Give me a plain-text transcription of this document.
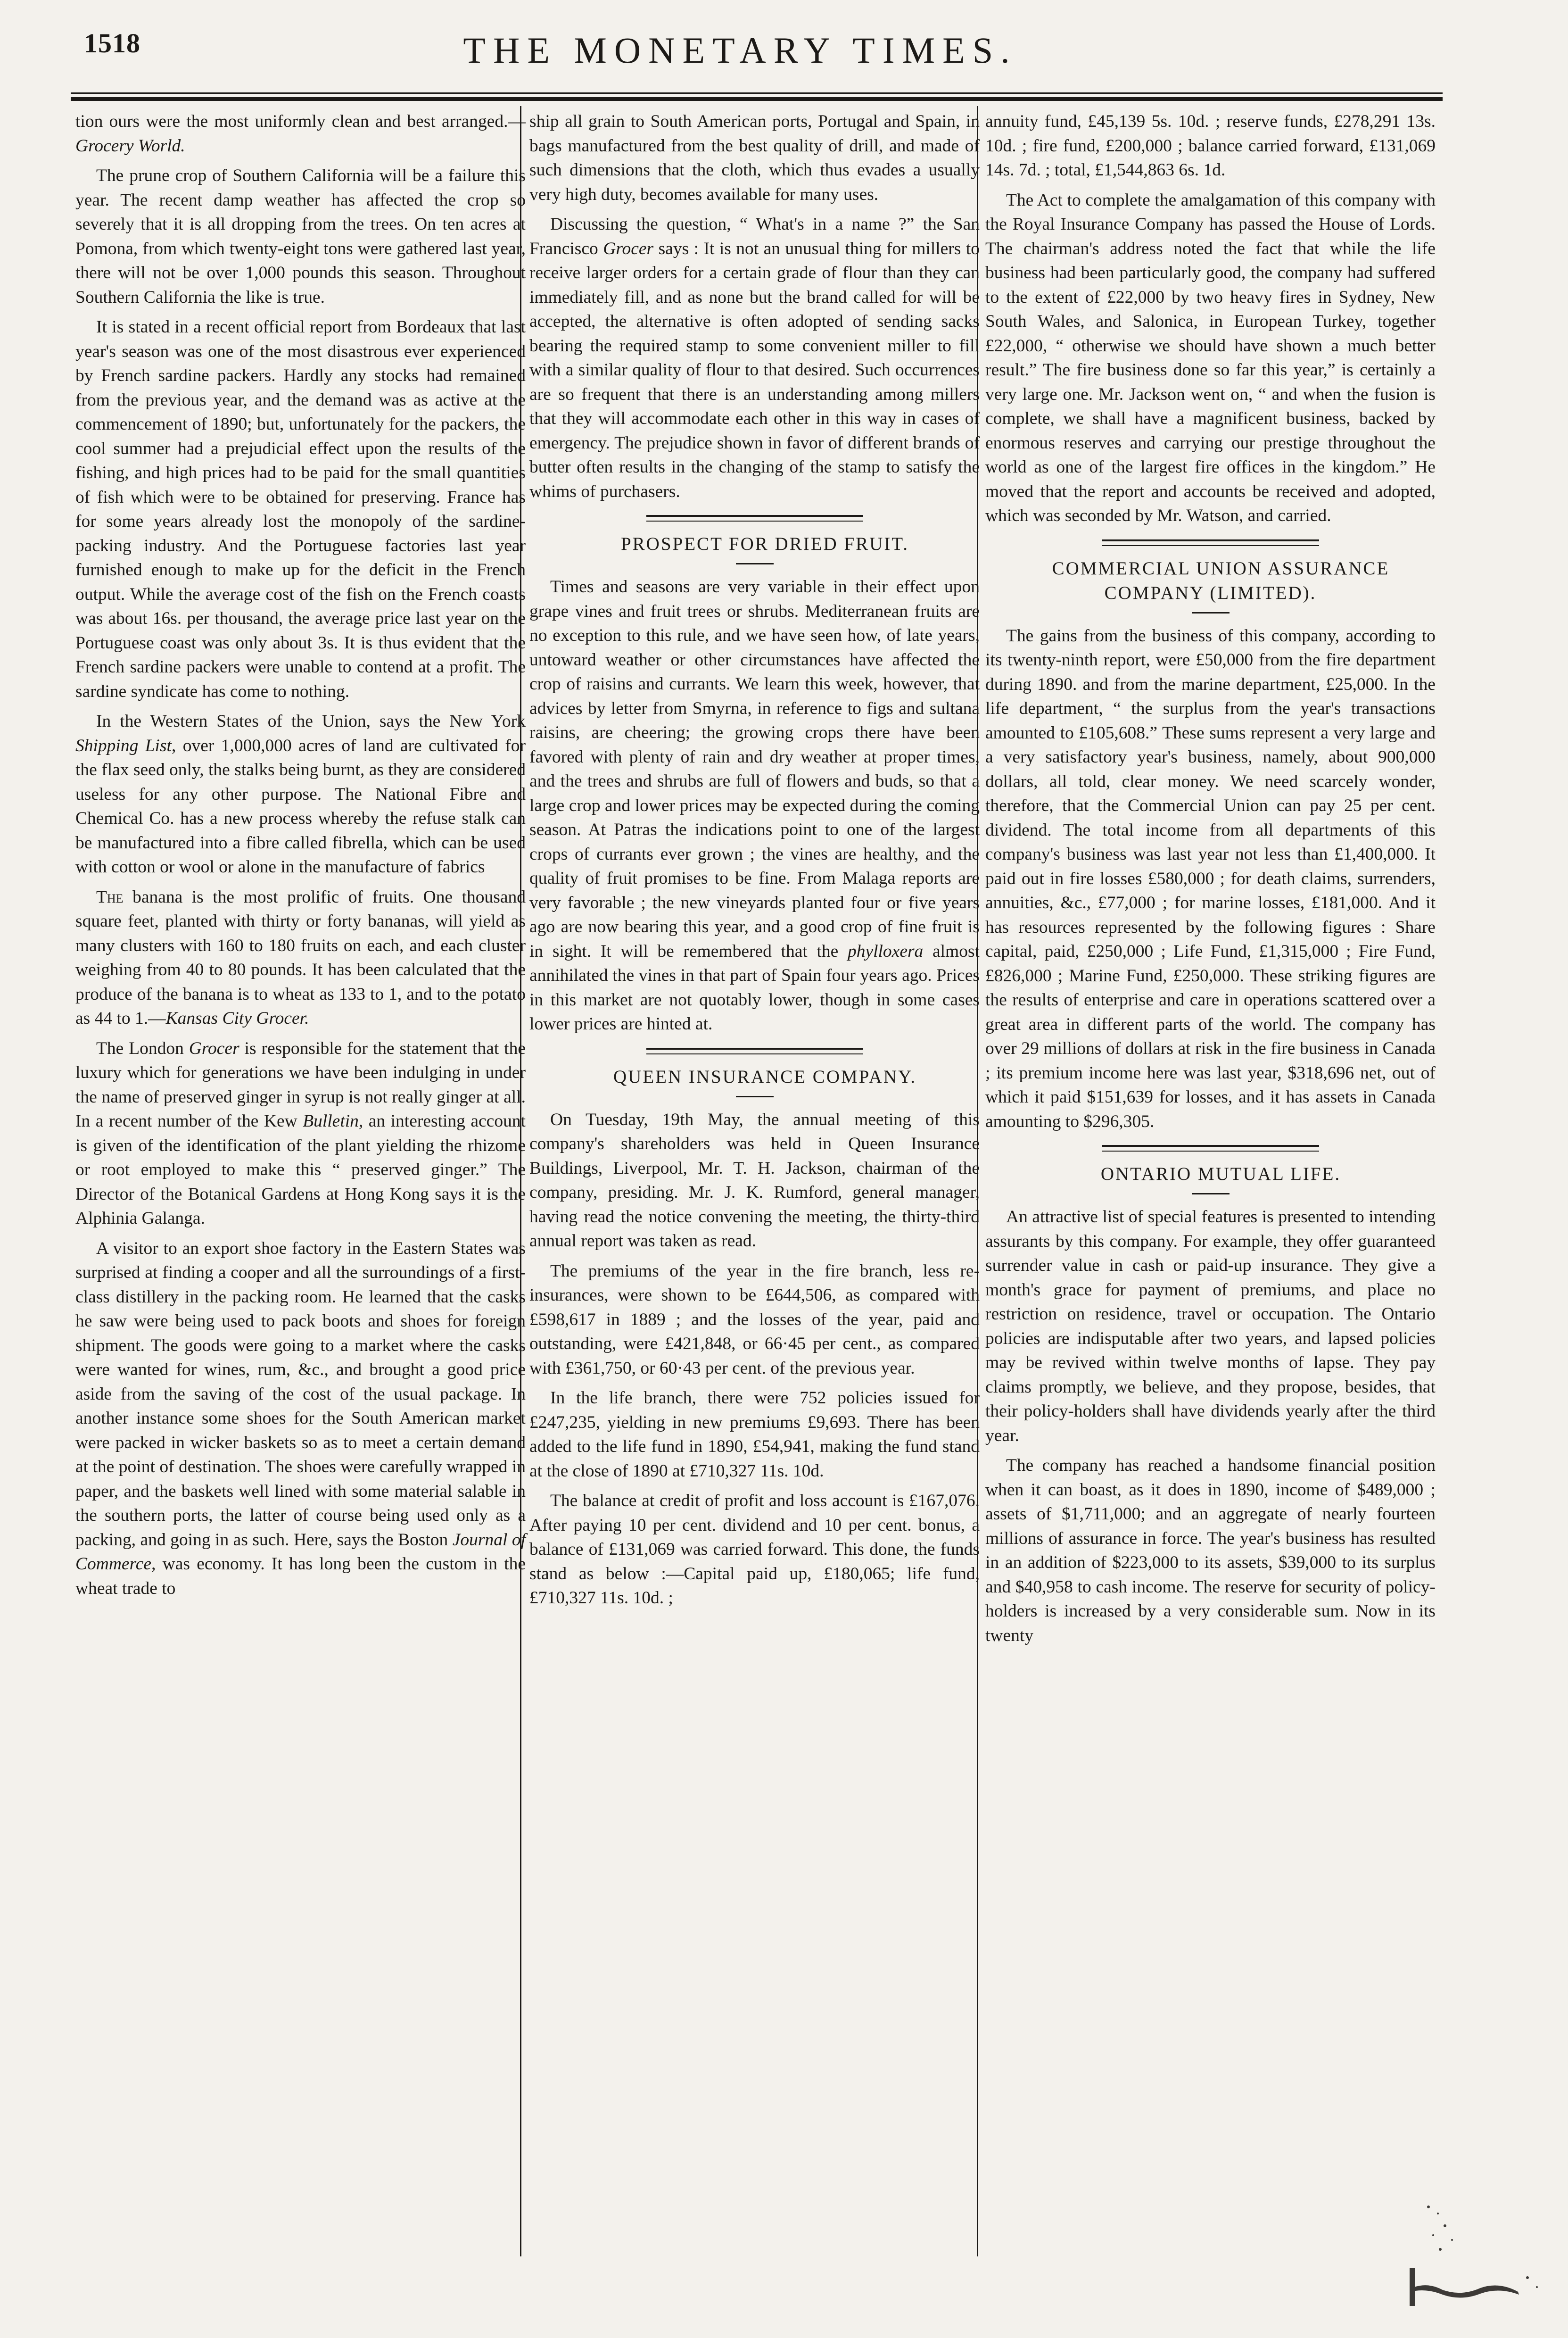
1518	THE MONETARY TIMES.

tion ours were the most uniformly clean and best arranged.—Grocery World.

The prune crop of Southern California will be a failure this year. The recent damp weather has affected the crop so severely that it is all dropping from the trees. On ten acres at Pomona, from which twenty-eight tons were gathered last year, there will not be over 1,000 pounds this season. Throughout Southern California the like is true.

It is stated in a recent official report from Bordeaux that last year's season was one of the most disastrous ever experienced by French sardine packers. Hardly any stocks had remained from the previous year, and the demand was as active at the commencement of 1890; but, unfortunately for the packers, the cool summer had a prejudicial effect upon the results of the fishing, and high prices had to be paid for the small quantities of fish which were to be obtained for preserving. France has for some years already lost the monopoly of the sardine-packing industry. And the Portuguese factories last year furnished enough to make up for the deficit in the French output. While the average cost of the fish on the French coasts was about 16s. per thousand, the average price last year on the Portuguese coast was only about 3s. It is thus evident that the French sardine packers were unable to contend at a profit. The sardine syndicate has come to nothing.

In the Western States of the Union, says the New York Shipping List, over 1,000,000 acres of land are cultivated for the flax seed only, the stalks being burnt, as they are considered useless for any other purpose. The National Fibre and Chemical Co. has a new process whereby the refuse stalk can be manufactured into a fibre called fibrella, which can be used with cotton or wool or alone in the manufacture of fabrics

The banana is the most prolific of fruits. One thousand square feet, planted with thirty or forty bananas, will yield as many clusters with 160 to 180 fruits on each, and each cluster weighing from 40 to 80 pounds. It has been calculated that the produce of the banana is to wheat as 133 to 1, and to the potato as 44 to 1.—Kansas City Grocer.

The London Grocer is responsible for the statement that the luxury which for generations we have been indulging in under the name of preserved ginger in syrup is not really ginger at all. In a recent number of the Kew Bulletin, an interesting account is given of the identification of the plant yielding the rhizome or root employed to make this “ preserved ginger.” The Director of the Botanical Gardens at Hong Kong says it is the Alphinia Galanga.

A visitor to an export shoe factory in the Eastern States was surprised at finding a cooper and all the surroundings of a first-class distillery in the packing room. He learned that the casks he saw were being used to pack boots and shoes for foreign shipment. The goods were going to a market where the casks were wanted for wines, rum, &c., and brought a good price aside from the saving of the cost of the usual package. In another instance some shoes for the South American market were packed in wicker baskets so as to meet a certain demand at the point of destination. The shoes were carefully wrapped in paper, and the baskets well lined with some material salable in the southern ports, the latter of course being used only as a packing, and going in as such. Here, says the Boston Journal of Commerce, was economy. It has long been the custom in the wheat trade to

ship all grain to South American ports, Portugal and Spain, in bags manufactured from the best quality of drill, and made of such dimensions that the cloth, which thus evades a usually very high duty, becomes available for many uses.

Discussing the question, “ What's in a name ?” the San Francisco Grocer says : It is not an unusual thing for millers to receive larger orders for a certain grade of flour than they can immediately fill, and as none but the brand called for will be accepted, the alternative is often adopted of sending sacks bearing the required stamp to some convenient miller to fill with a similar quality of flour to that desired. Such occurrences are so frequent that there is an understanding among millers that they will accommodate each other in this way in cases of emergency. The prejudice shown in favor of different brands of butter often results in the changing of the stamp to satisfy the whims of purchasers.

PROSPECT FOR DRIED FRUIT.

Times and seasons are very variable in their effect upon grape vines and fruit trees or shrubs. Mediterranean fruits are no exception to this rule, and we have seen how, of late years, untoward weather or other circumstances have affected the crop of raisins and currants. We learn this week, however, that advices by letter from Smyrna, in reference to figs and sultana raisins, are cheering; the growing crops there have been favored with plenty of rain and dry weather at proper times, and the trees and shrubs are full of flowers and buds, so that a large crop and lower prices may be expected during the coming season. At Patras the indications point to one of the largest crops of currants ever grown ; the vines are healthy, and the quality of fruit promises to be fine. From Malaga reports are very favorable ; the new vineyards planted four or five years ago are now bearing this year, and a good crop of fine fruit is in sight. It will be remembered that the phylloxera almost annihilated the vines in that part of Spain four years ago. Prices in this market are not quotably lower, though in some cases lower prices are hinted at.

QUEEN INSURANCE COMPANY.

On Tuesday, 19th May, the annual meeting of this company's shareholders was held in Queen Insurance Buildings, Liverpool, Mr. T. H. Jackson, chairman of the company, presiding. Mr. J. K. Rumford, general manager, having read the notice convening the meeting, the thirty-third annual report was taken as read.

The premiums of the year in the fire branch, less re-insurances, were shown to be £644,506, as compared with £598,617 in 1889 ; and the losses of the year, paid and outstanding, were £421,848, or 66·45 per cent., as compared with £361,750, or 60·43 per cent. of the previous year.

In the life branch, there were 752 policies issued for £247,235, yielding in new premiums £9,693. There has been added to the life fund in 1890, £54,941, making the fund stand at the close of 1890 at £710,327 11s. 10d.

The balance at credit of profit and loss account is £167,076. After paying 10 per cent. dividend and 10 per cent. bonus, a balance of £131,069 was carried forward. This done, the funds stand as below :—Capital paid up, £180,065; life fund, £710,327 11s. 10d. ;

annuity fund, £45,139 5s. 10d. ; reserve funds, £278,291 13s. 10d. ; fire fund, £200,000 ; balance carried forward, £131,069 14s. 7d. ; total, £1,544,863 6s. 1d.

The Act to complete the amalgamation of this company with the Royal Insurance Company has passed the House of Lords. The chairman's address noted the fact that while the life business had been particularly good, the company had suffered to the extent of £22,000 by two heavy fires in Sydney, New South Wales, and Salonica, in European Turkey, together £22,000, “ otherwise we should have shown a much better result.” The fire business done so far this year,” is certainly a very large one. Mr. Jackson went on, “ and when the fusion is complete, we shall have a magnificent business, backed by enormous reserves and carrying our prestige throughout the world as one of the largest fire offices in the kingdom.” He moved that the report and accounts be received and adopted, which was seconded by Mr. Watson, and carried.

COMMERCIAL UNION ASSURANCE COMPANY (LIMITED).

The gains from the business of this company, according to its twenty-ninth report, were £50,000 from the fire department during 1890. and from the marine department, £25,000. In the life department, “ the surplus from the year's transactions amounted to £105,608.” These sums represent a very large and a very satisfactory year's business, namely, about 900,000 dollars, all told, clear money. We need scarcely wonder, therefore, that the Commercial Union can pay 25 per cent. dividend. The total income from all departments of this company's business was last year not less than £1,400,000. It paid out in fire losses £580,000 ; for death claims, surrenders, annuities, &c., £77,000 ; for marine losses, £181,000. And it has resources represented by the following figures : Share capital, paid, £250,000 ; Life Fund, £1,315,000 ; Fire Fund, £826,000 ; Marine Fund, £250,000. These striking figures are the results of enterprise and care in operations scattered over a great area in different parts of the world. The company has over 29 millions of dollars at risk in the fire business in Canada ; its premium income here was last year, $318,696 net, out of which it paid $151,639 for losses, and it has assets in Canada amounting to $296,305.

ONTARIO MUTUAL LIFE.

An attractive list of special features is presented to intending assurants by this company. For example, they offer guaranteed surrender value in cash or paid-up insurance. They give a month's grace for payment of premiums, and place no restriction on residence, travel or occupation. The Ontario policies are indisputable after two years, and lapsed policies may be revived within twelve months of lapse. They pay claims promptly, we believe, and they propose, besides, that their policy-holders shall have dividends yearly after the third year.

The company has reached a handsome financial position when it can boast, as it does in 1890, income of $489,000 ; assets of $1,711,000; and an aggregate of nearly fourteen millions of assurance in force. The year's business has resulted in an addition of $223,000 to its assets, $39,000 to its surplus and $40,958 to cash income. The reserve for security of policy-holders is increased by a very considerable sum. Now in its twenty
